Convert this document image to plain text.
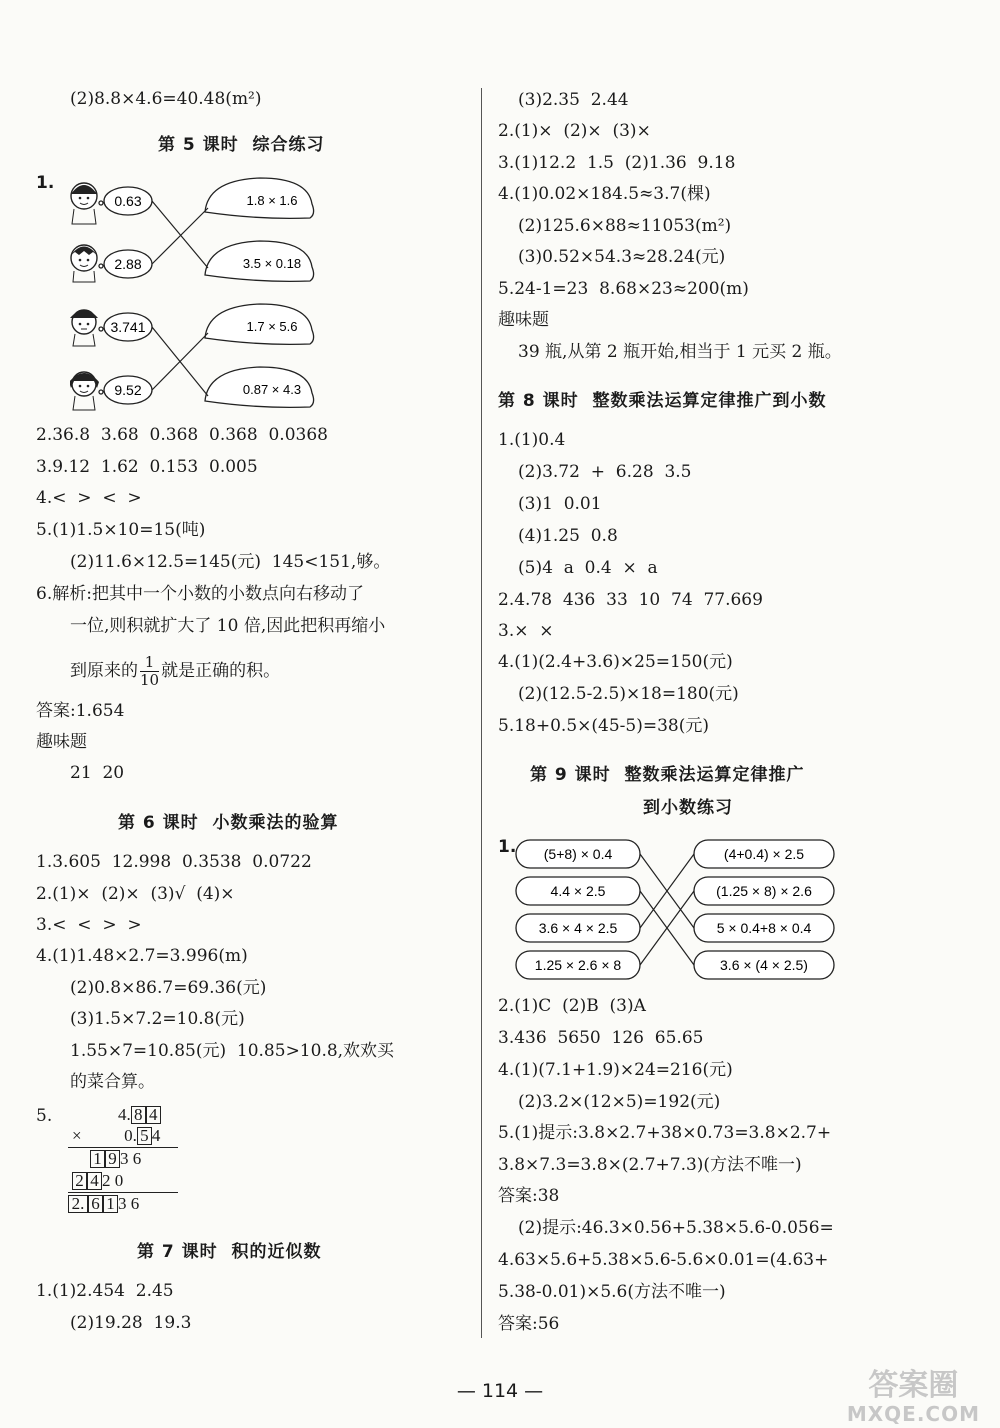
(2)8.8×4.6=40.48(m²)
第 5 课时  综合练习
1.
0.63
2.88
3.741
9.52
1.8 × 1.6
3.5 × 0.18
1.7 × 5.6
0.87 × 4.3
2.36.8  3.68  0.368  0.368  0.0368
3.9.12  1.62  0.153  0.005
4.<  >  <  >
5.(1)1.5×10=15(吨)
(2)11.6×12.5=145(元)  145<151,够。
6.解析:把其中一个小数的小数点向右移动了
一位,则积就扩大了 10 倍,因此把积再缩小
到原来的 $\frac{1}{10}$ 就是正确的积。
答案:1.654
趣味题
21  20
第 6 课时  小数乘法的验算
1.3.605  12.998  0.3538  0.0722
2.(1)×  (2)×  (3)√  (4)×
3.<  <  >  >
4.(1)1.48×2.7=3.996(m)
(2)0.8×86.7=69.36(元)
(3)1.5×7.2=10.8(元)
1.55×7=10.85(元)  10.85>10.8,欢欢买
的菜合算。
5.	4. 8 4
×	0. 5 4
1 9 3 6
2 4 2 0
2. 6 1 3 6
第 7 课时  积的近似数
1.(1)2.454  2.45
(2)19.28  19.3
(3)2.35  2.44
2.(1)×  (2)×  (3)×
3.(1)12.2  1.5  (2)1.36  9.18
4.(1)0.02×184.5≈3.7(棵)
(2)125.6×88≈11053(m²)
(3)0.52×54.3≈28.24(元)
5.24-1=23  8.68×23≈200(m)
趣味题
39 瓶,从第 2 瓶开始,相当于 1 元买 2 瓶。
第 8 课时  整数乘法运算定律推广到小数
1.(1)0.4
(2)3.72  +  6.28  3.5
(3)1  0.01
(4)1.25  0.8
(5)4  a  0.4  ×  a
2.4.78  436  33  10  74  77.669
3.×  ×
4.(1)(2.4+3.6)×25=150(元)
(2)(12.5-2.5)×18=180(元)
5.18+0.5×(45-5)=38(元)
第 9 课时  整数乘法运算定律推广
到小数练习
1. (5+8) × 0.4
4.4 × 2.5
3.6 × 4 × 2.5
1.25 × 2.6 × 8
(4+0.4) × 2.5
(1.25 × 8) × 2.6
5 × 0.4+8 × 0.4
3.6 × (4 × 2.5)
2.(1)C  (2)B  (3)A
3.436  5650  126  65.65
4.(1)(7.1+1.9)×24=216(元)
(2)3.2×(12×5)=192(元)
5.(1)提示:3.8×2.7+38×0.73=3.8×2.7+
3.8×7.3=3.8×(2.7+7.3)(方法不唯一)
答案:38
(2)提示:46.3×0.56+5.38×5.6-0.056=
4.63×5.6+5.38×5.6-5.6×0.01=(4.63+
5.38-0.01)×5.6(方法不唯一)
答案:56
— 114 —	答案圈
MXQE.COM
